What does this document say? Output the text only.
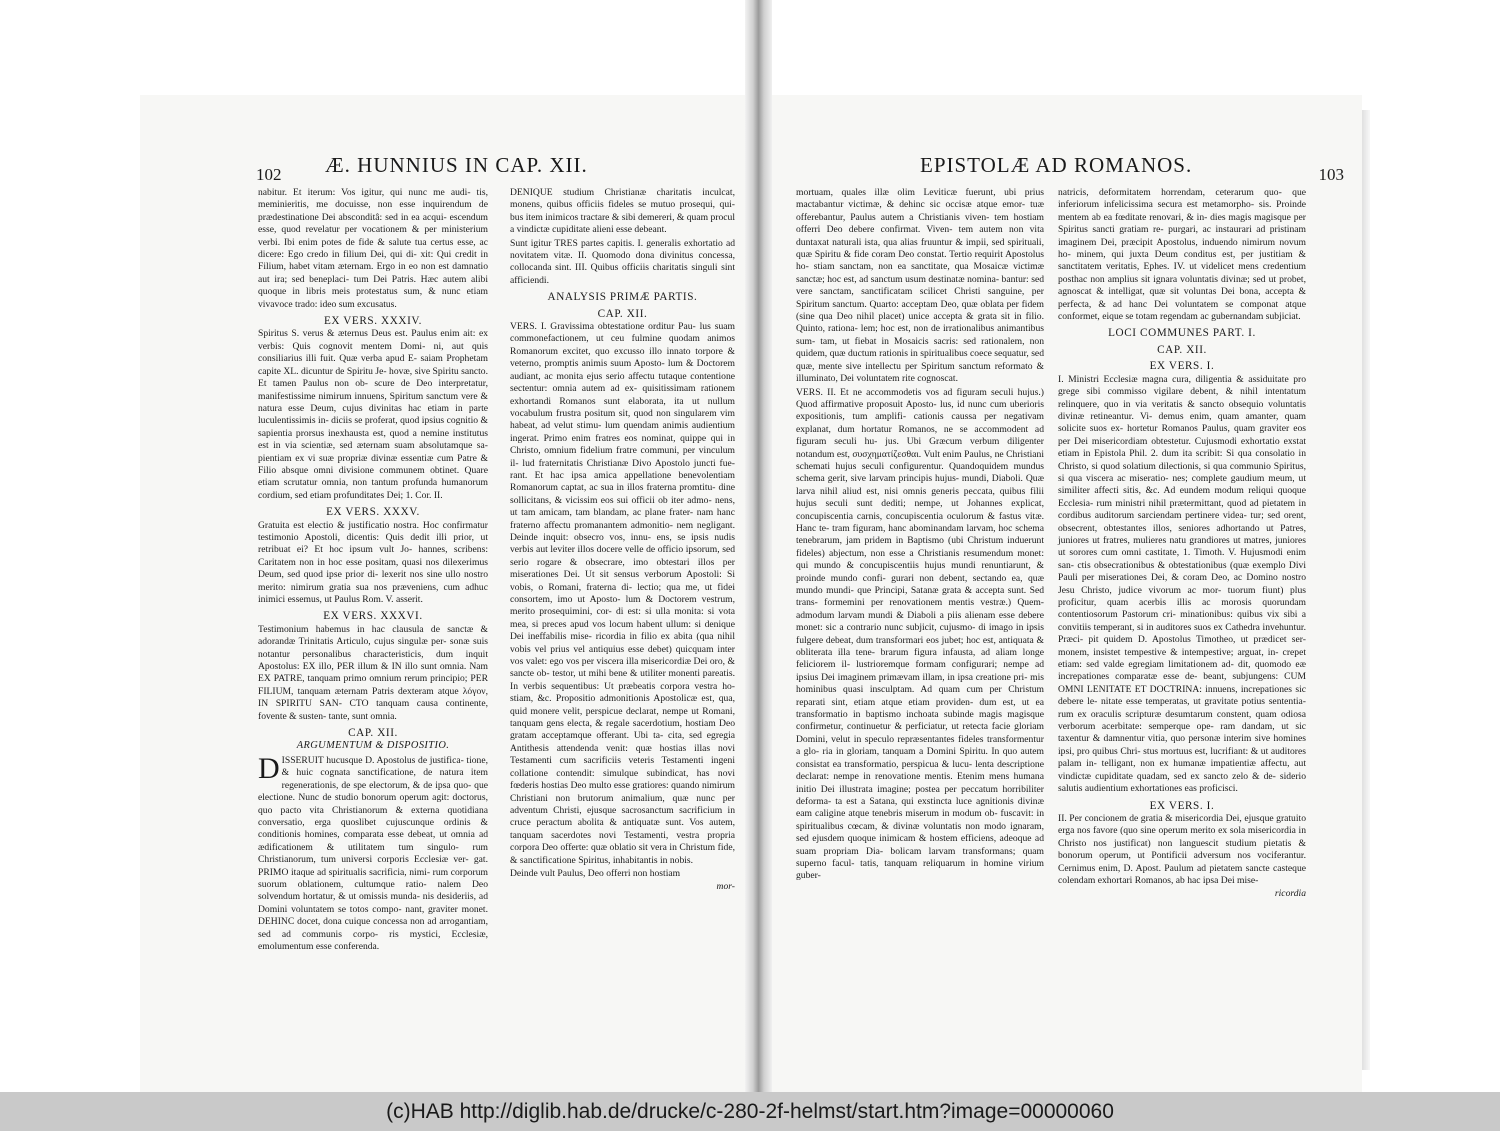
102 Æ. HUNNIUS IN CAP. XII.

nabitur. Et iterum: Vos igitur, qui nunc me audi- tis, meminieritis, me docuisse, non esse inquirendum de prædestinatione Dei absconditâ: sed in ea acqui- escendum esse, quod revelatur per vocationem & per ministerium verbi. Ibi enim potes de fide & salute tua certus esse, ac dicere: Ego credo in filium Dei, qui di- xit: Qui credit in Filium, habet vitam æternam. Ergo in eo non est damnatio aut ira; sed beneplaci- tum Dei Patris. Hæc autem alibi quoque in libris meis protestatus sum, & nunc etiam vivavoce trado: ideo sum excusatus.

EX VERS. XXXIV.

Spiritus S. verus & æternus Deus est. Paulus enim ait: ex verbis: Quis cognovit mentem Domi- ni, aut quis consiliarius illi fuit. Quæ verba apud E- saiam Prophetam capite XL. dicuntur de Spiritu Je- hovæ, sive Spiritu sancto. Et tamen Paulus non ob- scure de Deo interpretatur, manifestissime nimirum innuens, Spiritum sanctum vere & natura esse Deum, cujus divinitas hac etiam in parte luculentissimis in- diciis se proferat, quod ipsius cognitio & sapientia prorsus inexhausta est, quod a nemine institutus est in via scientiæ, sed æternam suam absolutamque sa- pientiam ex vi suæ propriæ divinæ essentiæ cum Patre & Filio absque omni divisione communem obtinet. Quare etiam scrutatur omnia, non tantum profunda humanorum cordium, sed etiam profunditates Dei; 1. Cor. II.

EX VERS. XXXV.

Gratuita est electio & justificatio nostra. Hoc confirmatur testimonio Apostoli, dicentis: Quis dedit illi prior, ut retribuat ei? Et hoc ipsum vult Jo- hannes, scribens: Caritatem non in hoc esse positam, quasi nos dilexerimus Deum, sed quod ipse prior di- lexerit nos sine ullo nostro merito: nimirum gratia sua nos præveniens, cum adhuc inimici essemus, ut Paulus Rom. V. asserit.

EX VERS. XXXVI.

Testimonium habemus in hac clausula de sanctæ & adorandæ Trinitatis Articulo, cujus singulæ per- sonæ suis notantur personalibus characteristicis, dum inquit Apostolus: EX illo, PER illum & IN illo sunt omnia. Nam EX PATRE, tanquam primo omnium rerum principio; PER FILIUM, tanquam æternam Patris dexteram atque λόγον, IN SPIRITU SAN- CTO tanquam causa continente, fovente & susten- tante, sunt omnia.

CAP. XII.

ARGUMENTUM & DISPOSITIO.

DISSERUIT hucusque D. Apostolus de justifica- tione, & huic cognata sanctificatione, de natura item regenerationis, de spe electorum, & de ipsa quo- que electione. Nunc de studio bonorum operum agit: doctorus, quo pacto vita Christianorum & externa quotidiana conversatio, erga quoslibet cujuscunque ordinis & conditionis homines, comparata esse debeat, ut omnia ad ædificationem & utilitatem tum singulo- rum Christianorum, tum universi corporis Ecclesiæ ver- gat. PRIMO itaque ad spiritualis sacrificia, nimi- rum corporum suorum oblationem, cultumque ratio- nalem Deo solvendum hortatur, & ut omissis munda- nis desideriis, ad Domini voluntatem se totos compo- nant, graviter monet. DEHINC docet, dona cuique concessa non ad arrogantiam, sed ad communis corpo- ris mystici, Ecclesiæ, emolumentum esse conferenda.

DENIQUE studium Christianæ charitatis inculcat, monens, quibus officiis fideles se mutuo prosequi, qui- bus item inimicos tractare & sibi demereri, & quam procul a vindictæ cupiditate alieni esse debeant.

Sunt igitur TRES partes capitis. I. generalis exhortatio ad novitatem vitæ. II. Quomodo dona divinitus concessa, collocanda sint. III. Quibus officiis charitatis singuli sint afficiendi.

ANALYSIS PRIMÆ PARTIS.

CAP. XII.

VERS. I. Gravissima obtestatione orditur Pau- lus suam commonefactionem, ut ceu fulmine quodam animos Romanorum excitet, quo excusso illo innato torpore & veterno, promptis animis suum Aposto- lum & Doctorem audiant, ac monita ejus serio affectu tutaque contentione sectentur: omnia autem ad ex- quisitissimam rationem exhortandi Romanos sunt elaborata, ita ut nullum vocabulum frustra positum sit, quod non singularem vim habeat, ad velut stimu- lum quendam animis audientium ingerat. Primo enim fratres eos nominat, quippe qui in Christo, omnium fidelium fratre communi, per vinculum il- lud fraternitatis Christianæ Divo Apostolo juncti fue- rant. Et hac ipsa amica appellatione benevolentiam Romanorum captat, ac sua in illos fraterna promtitu- dine sollicitans, & vicissim eos sui officii ob iter admo- nens, ut tam amicam, tam blandam, ac plane frater- nam hanc fraterno affectu promanantem admonitio- nem negligant. Deinde inquit: obsecro vos, innu- ens, se ipsis nudis verbis aut leviter illos docere velle de officio ipsorum, sed serio rogare & obsecrare, imo obtestari illos per miserationes Dei. Ut sit sensus verborum Apostoli: Si vobis, o Romani, fraterna di- lectio; qua me, ut fidei consortem, imo ut Aposto- lum & Doctorem vestrum, merito prosequimini, cor- di est: si ulla monita: si vota mea, si preces apud vos locum habent ullum: si denique Dei ineffabilis mise- ricordia in filio ex abita (qua nihil vobis vel prius vel antiquius esse debet) quicquam inter vos valet: ego vos per viscera illa misericordiæ Dei oro, & sancte ob- testor, ut mihi bene & utiliter monenti pareatis. In verbis sequentibus: Ut præbeatis corpora vestra ho- stiam, &c. Propositio admonitionis Apostolicæ est, qua, quid monere velit, perspicue declarat, nempe ut Romani, tanquam gens electa, & regale sacerdotium, hostiam Deo gratam acceptamque offerant. Ubi ta- cita, sed egregia Antithesis attendenda venit: quæ hostias illas novi Testamenti cum sacrificiis veteris Testamenti ingeni collatione contendit: simulque subindicat, has novi fœderis hostias Deo multo esse gratiores: quando nimirum Christiani non brutorum animalium, quæ nunc per adventum Christi, ejusque sacrosanctum sacrificium in cruce peractum abolita & antiquatæ sunt. Vos autem, tanquam sacerdotes novi Testamenti, vestra propria corpora Deo offerte: quæ oblatio sit vera in Christum fide, & sanctificatione Spiritus, inhabitantis in nobis.

Deinde vult Paulus, Deo offerri non hostiam

mor-

EPISTOLÆ AD ROMANOS.	103

mortuam, quales illæ olim Leviticæ fuerunt, ubi prius mactabantur victimæ, & dehinc sic occisæ atque emor- tuæ offerebantur, Paulus autem a Christianis viven- tem hostiam offerri Deo debere confirmat. Viven- tem autem non vita duntaxat naturali ista, qua alias fruuntur & impii, sed spirituali, quæ Spiritu & fide coram Deo constat. Tertio requirit Apostolus ho- stiam sanctam, non ea sanctitate, qua Mosaicæ victimæ sanctæ; hoc est, ad sanctum usum destinatæ nomina- bantur: sed vere sanctam, sanctificatam scilicet Christi sanguine, per Spiritum sanctum. Quarto: acceptam Deo, quæ oblata per fidem (sine qua Deo nihil placet) unice accepta & grata sit in filio. Quinto, rationa- lem; hoc est, non de irrationalibus animantibus sum- tam, ut fiebat in Mosaicis sacris: sed rationalem, non quidem, quæ ductum rationis in spiritualibus coece sequatur, sed quæ, mente sive intellectu per Spiritum sanctum reformato & illuminato, Dei voluntatem rite cognoscat.

VERS. II. Et ne accommodetis vos ad figuram seculi hujus.) Quod affirmative proposuit Aposto- lus, id nunc cum uberioris expositionis, tum amplifi- cationis caussa per negativam explanat, dum hortatur Romanos, ne se accommodent ad figuram seculi hu- jus. Ubi Græcum verbum diligenter notandum est, συσχηματίζεσθαι. Vult enim Paulus, ne Christiani schemati hujus seculi configurentur. Quandoquidem mundus schema gerit, sive larvam principis hujus- mundi, Diaboli. Quæ larva nihil aliud est, nisi omnis generis peccata, quibus filii hujus seculi sunt dediti; nempe, ut Johannes explicat, concupiscentia carnis, concupiscentia oculorum & fastus vitæ. Hanc te- tram figuram, hanc abominandam larvam, hoc schema tenebrarum, jam pridem in Baptismo (ubi Christum induerunt fideles) abjectum, non esse a Christianis resumendum monet: qui mundo & concupiscentiis hujus mundi renuntiarunt, & proinde mundo confi- gurari non debent, sectando ea, quæ mundo mundi- que Principi, Satanæ grata & accepta sunt. Sed trans- formemini per renovationem mentis vestræ.) Quem- admodum larvam mundi & Diaboli a piis alienam esse debere monet: sic a contrario nunc subjicit, cujusmo- di imago in ipsis fulgere debeat, dum transformari eos jubet; hoc est, antiquata & obliterata illa tene- brarum figura infausta, ad aliam longe feliciorem il- lustrioremque formam configurari; nempe ad ipsius Dei imaginem primævam illam, in ipsa creatione pri- mis hominibus quasi insculptam. Ad quam cum per Christum reparati sint, etiam atque etiam providen- dum est, ut ea transformatio in baptismo inchoata subinde magis magisque confirmetur, continuetur & perficiatur, ut retecta facie gloriam Domini, velut in speculo repræsentantes fideles transformentur a glo- ria in gloriam, tanquam a Domini Spiritu. In quo autem consistat ea transformatio, perspicua & lucu- lenta descriptione declarat: nempe in renovatione mentis. Etenim mens humana initio Dei illustrata imagine; postea per peccatum horribiliter deforma- ta est a Satana, qui exstincta luce agnitionis divinæ eam caligine atque tenebris miserum in modum ob- fuscavit: in spiritualibus cœcam, & divinæ voluntatis non modo ignaram, sed ejusdem quoque inimicam & hostem efficiens, adeoque ad suam propriam Dia- bolicam larvam transformans; quam superno facul- tatis, tanquam reliquarum in homine virium guber-

natricis, deformitatem horrendam, ceterarum quo- que inferiorum infelicissima secura est metamorpho- sis. Proinde mentem ab ea fœditate renovari, & in- dies magis magisque per Spiritus sancti gratiam re- purgari, ac instaurari ad pristinam imaginem Dei, præcipit Apostolus, induendo nimirum novum ho- minem, qui juxta Deum conditus est, per justitiam & sanctitatem veritatis, Ephes. IV. ut videlicet mens credentium posthac non amplius sit ignara voluntatis divinæ; sed ut probet, agnoscat & intelligat, quæ sit voluntas Dei bona, accepta & perfecta, & ad hanc Dei voluntatem se componat atque conformet, eique se totam regendam ac gubernandam subjiciat.

LOCI COMMUNES PART. I.

CAP. XII.

EX VERS. I.

I. Ministri Ecclesiæ magna cura, diligentia & assiduitate pro grege sibi commisso vigilare debent, & nihil intentatum relinquere, quo in via veritatis & sancto obsequio voluntatis divinæ retineantur. Vi- demus enim, quam amanter, quam solicite suos ex- hortetur Romanos Paulus, quam graviter eos per Dei misericordiam obtestetur. Cujusmodi exhortatio exstat etiam in Epistola Phil. 2. dum ita scribit: Si qua consolatio in Christo, si quod solatium dilectionis, si qua communio Spiritus, si qua viscera ac miseratio- nes; complete gaudium meum, ut similiter affecti sitis, &c. Ad eundem modum reliqui quoque Ecclesia- rum ministri nihil prætermittant, quod ad pietatem in cordibus auditorum sarciendam pertinere videa- tur; sed orent, obsecrent, obtestantes illos, seniores adhortando ut Patres, juniores ut fratres, mulieres natu grandiores ut matres, juniores ut sorores cum omni castitate, 1. Timoth. V. Hujusmodi enim san- ctis obsecrationibus & obtestationibus (quæ exemplo Divi Pauli per miserationes Dei, & coram Deo, ac Domino nostro Jesu Christo, judice vivorum ac mor- tuorum fiunt) plus proficitur, quam acerbis illis ac morosis quorundam contentiosorum Pastorum cri- minationibus: quibus vix sibi a convitiis temperant, si in auditores suos ex Cathedra invehuntur. Præci- pit quidem D. Apostolus Timotheo, ut prædicet ser- monem, insistet tempestive & intempestive; arguat, in- crepet etiam: sed valde egregiam limitationem ad- dit, quomodo eæ increpationes comparatæ esse de- beant, subjungens: CUM OMNI LENITATE ET DOCTRINA: innuens, increpationes sic debere le- nitate esse temperatas, ut gravitate potius sententia- rum ex oraculis scripturæ desumtarum constent, quam odiosa verborum acerbitate: semperque ope- ram dandam, ut sic taxentur & damnentur vitia, quo personæ interim sive homines ipsi, pro quibus Chri- stus mortuus est, lucrifiant: & ut auditores palam in- telligant, non ex humanæ impatientiæ affectu, aut vindictæ cupiditate quadam, sed ex sancto zelo & de- siderio salutis audientium exhortationes eas proficisci.

EX VERS. I.

II. Per concionem de gratia & misericordia Dei, ejusque gratuito erga nos favore (quo sine operum merito ex sola misericordia in Christo nos justificat) non languescit studium pietatis & bonorum operum, ut Pontificii adversum nos vociferantur. Cernimus enim, D. Apost. Paulum ad pietatem sancte casteque colendam exhortari Romanos, ab hac ipsa Dei mise-

ricordia

(c)HAB http://diglib.hab.de/drucke/c-280-2f-helmst/start.htm?image=00000060
